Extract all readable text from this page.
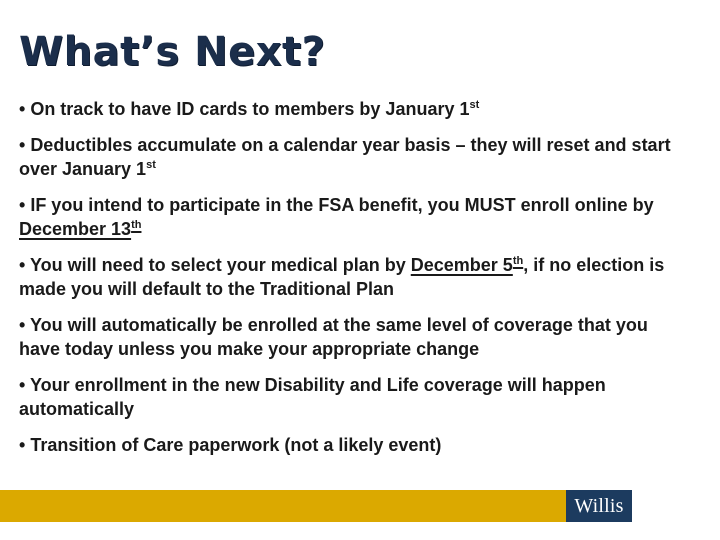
What’s Next?
• On track to have ID cards to members by January 1st
• Deductibles accumulate on a calendar year basis – they will reset and start over January 1st
• IF you intend to participate in the FSA benefit, you MUST enroll online by December 13th
• You will need to select your medical plan by December 5th, if no election is made you will default to the Traditional Plan
• You will automatically be enrolled at the same level of coverage that you have today unless you make your appropriate change
• Your enrollment in the new Disability and Life coverage will happen automatically
• Transition of Care paperwork (not a likely event)
Willis
